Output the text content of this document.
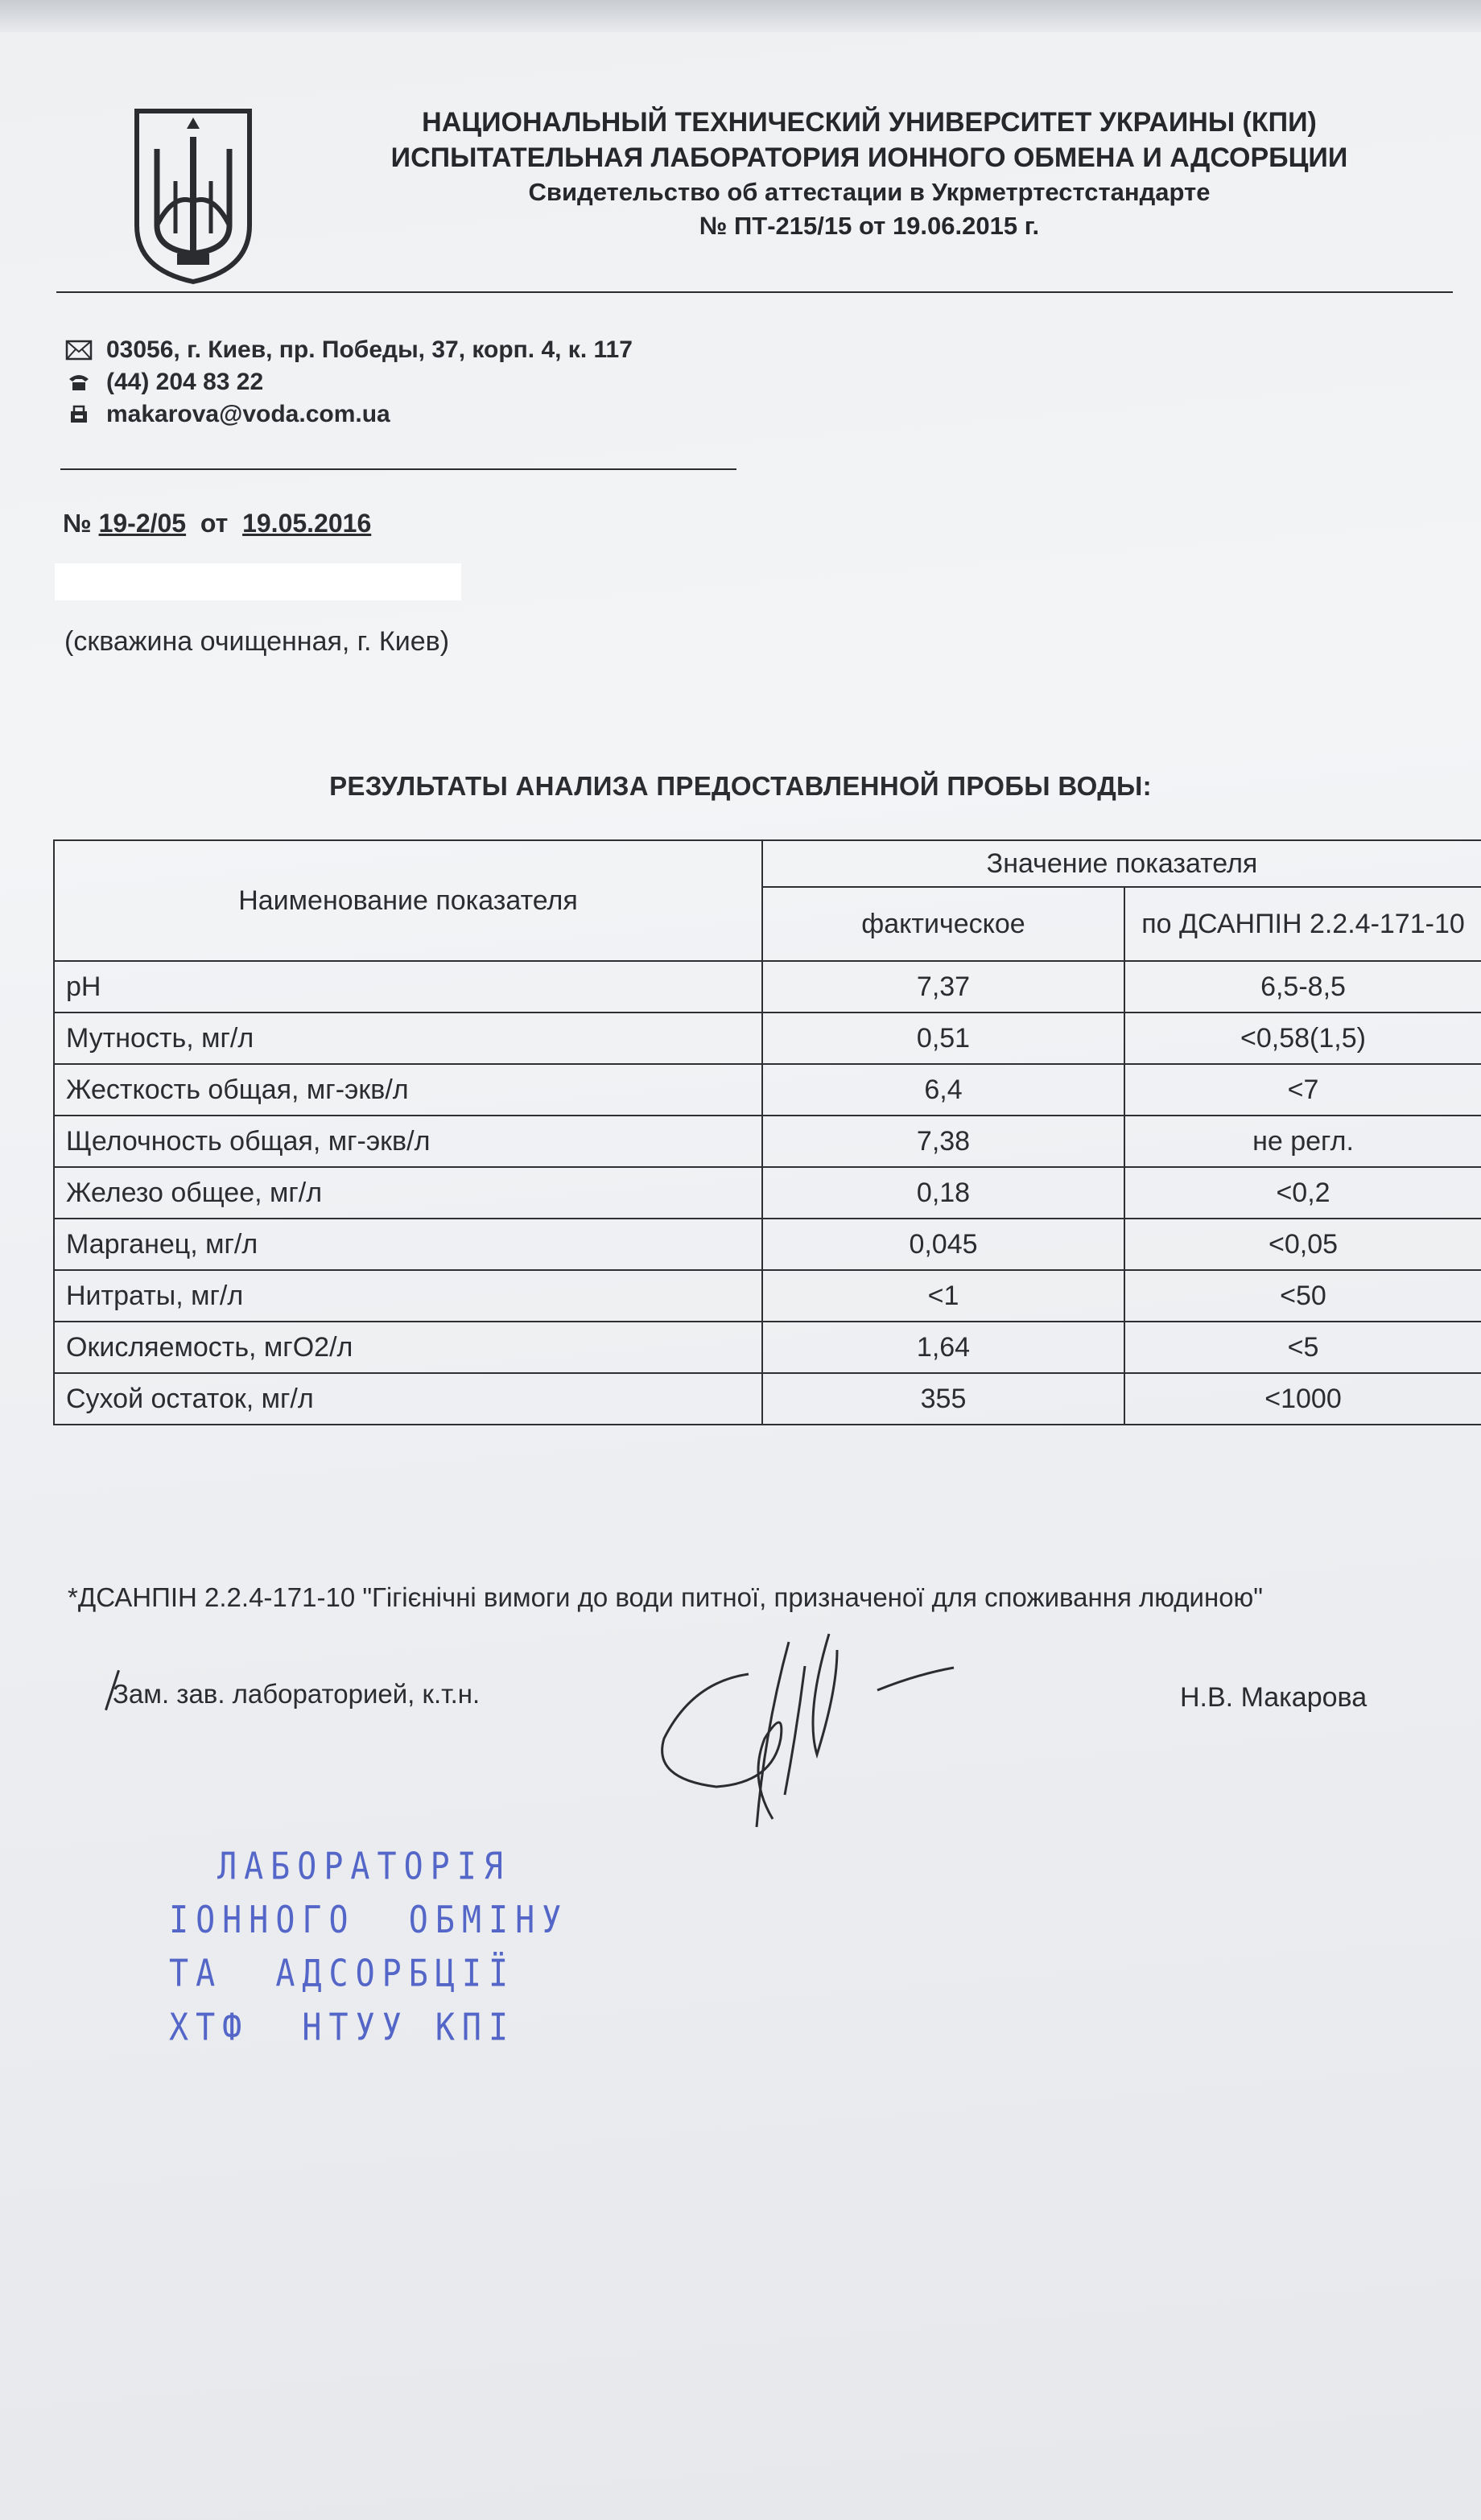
НАЦИОНАЛЬНЫЙ ТЕХНИЧЕСКИЙ УНИВЕРСИТЕТ УКРАИНЫ (КПИ)
ИСПЫТАТЕЛЬНАЯ ЛАБОРАТОРИЯ ИОННОГО ОБМЕНА И АДСОРБЦИИ
Свидетельство об аттестации в Укрметртестстандарте
№ ПТ-215/15 от 19.06.2015 г.
03056, г. Киев, пр. Победы, 37, корп. 4, к. 117
(44) 204 83 22
makarova@voda.com.ua
№ 19-2/05 от 19.05.2016
(скважина очищенная, г. Киев)
РЕЗУЛЬТАТЫ АНАЛИЗА ПРЕДОСТАВЛЕННОЙ ПРОБЫ ВОДЫ:
Наименование показателя	Значение показателя	
	фактическое	по ДСАНПІН 2.2.4-171-10
pH	7,37	6,5-8,5
Мутность, мг/л	0,51	<0,58(1,5)
Жесткость общая, мг-экв/л	6,4	<7
Щелочность общая, мг-экв/л	7,38	не регл.
Железо общее, мг/л	0,18	<0,2
Марганец, мг/л	0,045	<0,05
Нитраты, мг/л	<1	<50
Окисляемость, мгО2/л	1,64	<5
Сухой остаток, мг/л	355	<1000
*ДСАНПІН 2.2.4-171-10 "Гігієнічні вимоги до води питної, призначеної для споживання людиною"
Зам. зав. лабораторией, к.т.н.	Н.В. Макарова
ЛАБОРАТОРІЯ
ІОННОГО  ОБМІНУ
ТА  АДСОРБЦІЇ
ХТФ  НТУУ КПІ
